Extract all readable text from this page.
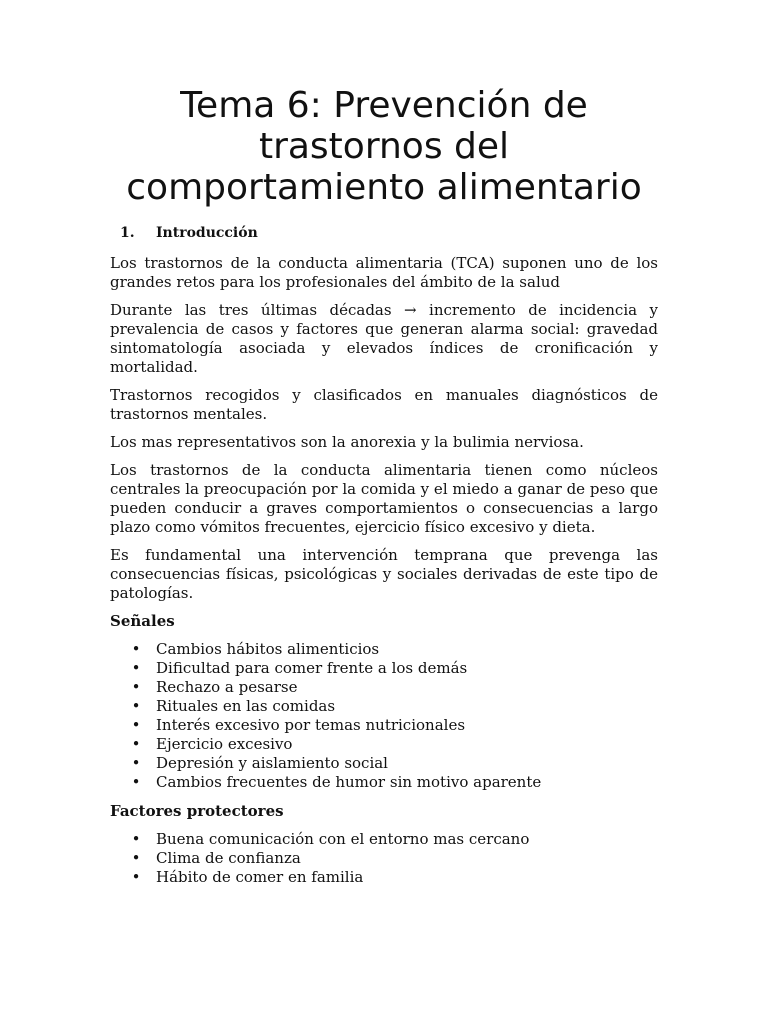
Tema 6: Prevención de trastornos del comportamiento alimentario
1. Introducción

Los trastornos de la conducta alimentaria (TCA) suponen uno de los grandes retos para los profesionales del ámbito de la salud

Durante las tres últimas décadas → incremento de incidencia y prevalencia de casos y factores que generan alarma social: gravedad sintomatología asociada y elevados índices de cronificación y mortalidad.

Trastornos recogidos y clasificados en manuales diagnósticos de trastornos mentales.

Los mas representativos son la anorexia y la bulimia nerviosa.

Los trastornos de la conducta alimentaria tienen como núcleos centrales la preocupación por la comida y el miedo a ganar de peso que pueden conducir a graves comportamientos o consecuencias a largo plazo como vómitos frecuentes, ejercicio físico excesivo y dieta.

Es fundamental una intervención temprana que prevenga las consecuencias físicas, psicológicas y sociales derivadas de este tipo de patologías.

Señales
• Cambios hábitos alimenticios
• Dificultad para comer frente a los demás
• Rechazo a pesarse
• Rituales en las comidas
• Interés excesivo por temas nutricionales
• Ejercicio excesivo
• Depresión y aislamiento social
• Cambios frecuentes de humor sin motivo aparente
Factores protectores
• Buena comunicación con el entorno mas cercano
• Clima de confianza
• Hábito de comer en familia
